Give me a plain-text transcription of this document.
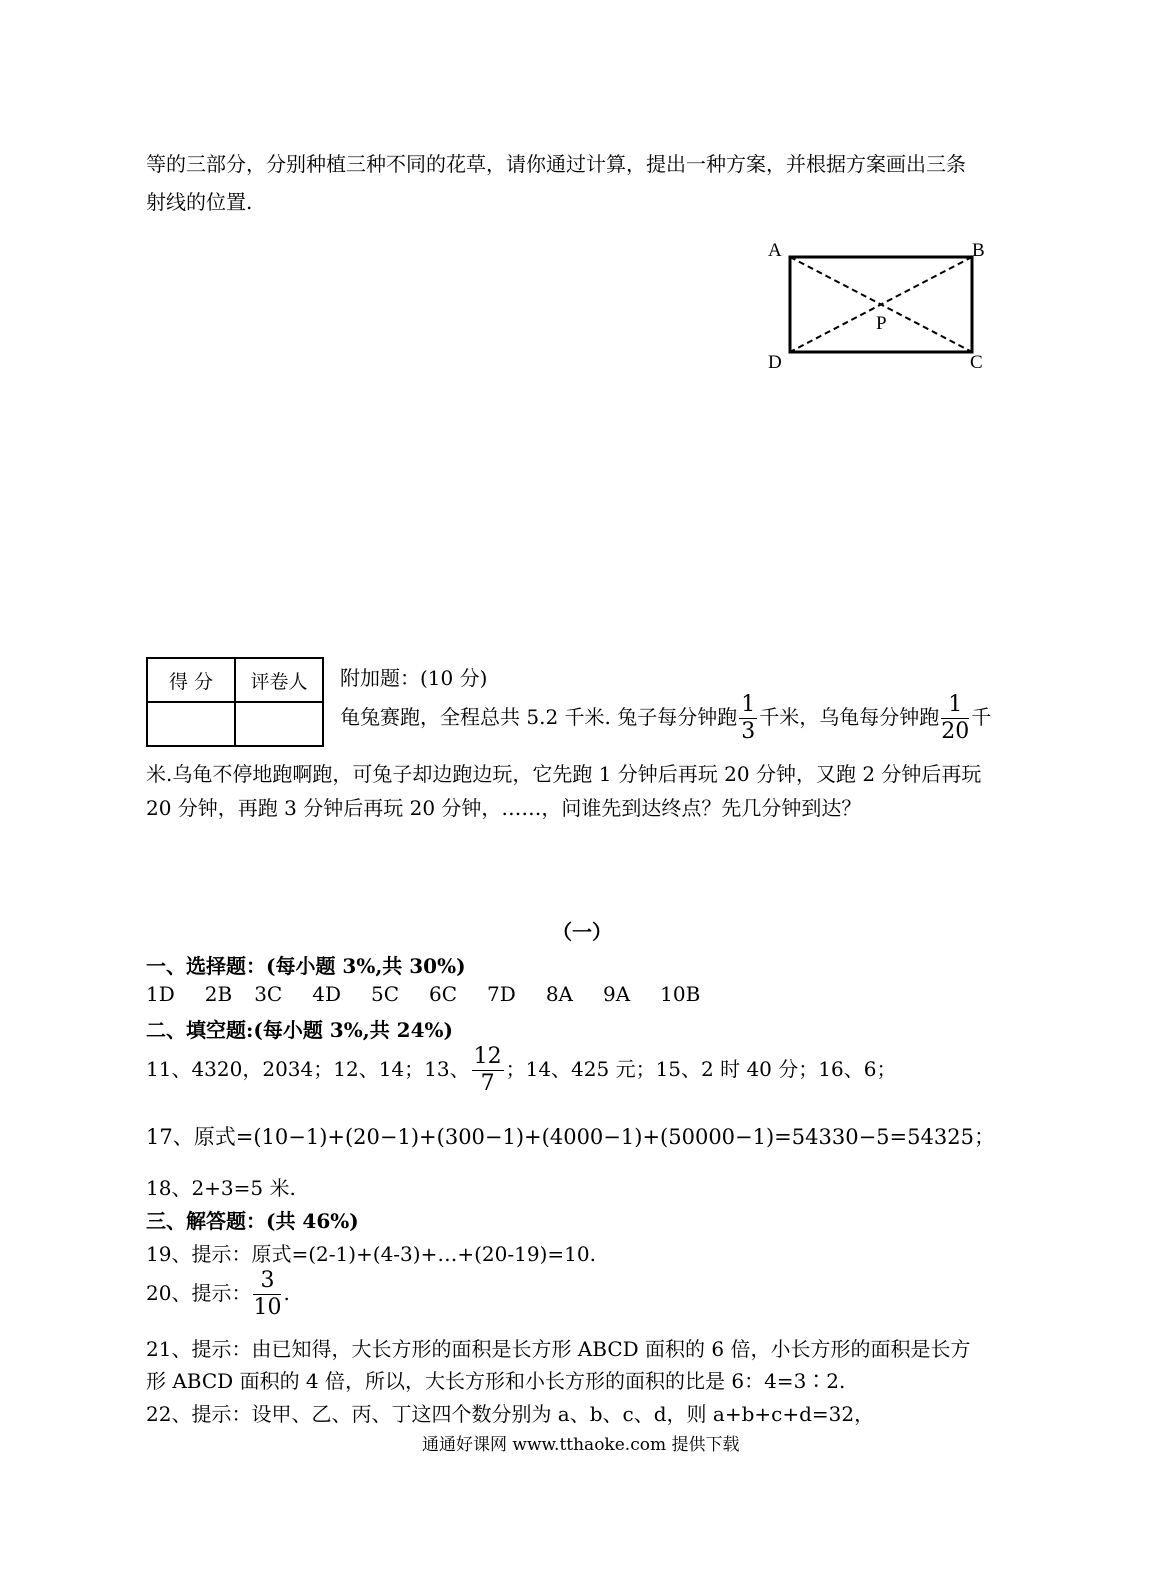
等的三部分，分别种植三种不同的花草，请你通过计算，提出一种方案，并根据方案画出三条
射线的位置.
A	B
C
D
P
得 分	评卷人
	附加题：(10 分)
龟兔赛跑，全程总共 5.2 千米. 兔子每分钟跑 $\frac{1}{3}$ 千米，乌龟每分钟跑 $\frac{1}{20}$ 千
米.乌龟不停地跑啊跑，可兔子却边跑边玩，它先跑 1 分钟后再玩 20 分钟，又跑 2 分钟后再玩
20 分钟，再跑 3 分钟后再玩 20 分钟，……，问谁先到达终点？先几分钟到达？
（一）
一、选择题：(每小题 3%,共 30%)
1D 2B 3C 4D 5C 6C 7D 8A 9A 10B
二、填空题:(每小题 3%,共 24%)
11、4320，2034；12、14；13、 $\frac{12}{7}$ ；14、425 元；15、2 时 40 分；16、6；
17、原式=(10−1)+(20−1)+(300−1)+(4000−1)+(50000−1)=54330−5=54325；
18、2+3=5 米.
三、解答题：(共 46%)
19、提示：原式=(2-1)+(4-3)+…+(20-19)=10.
20、提示： $\frac{3}{10}$ .
21、提示：由已知得，大长方形的面积是长方形 ABCD 面积的 6 倍，小长方形的面积是长方
形 ABCD 面积的 4 倍，所以，大长方形和小长方形的面积的比是 6：4=3∶2.
22、提示：设甲、乙、丙、丁这四个数分别为 a、b、c、d，则 a+b+c+d=32，
通通好课网 www.tthaoke.com 提供下载
